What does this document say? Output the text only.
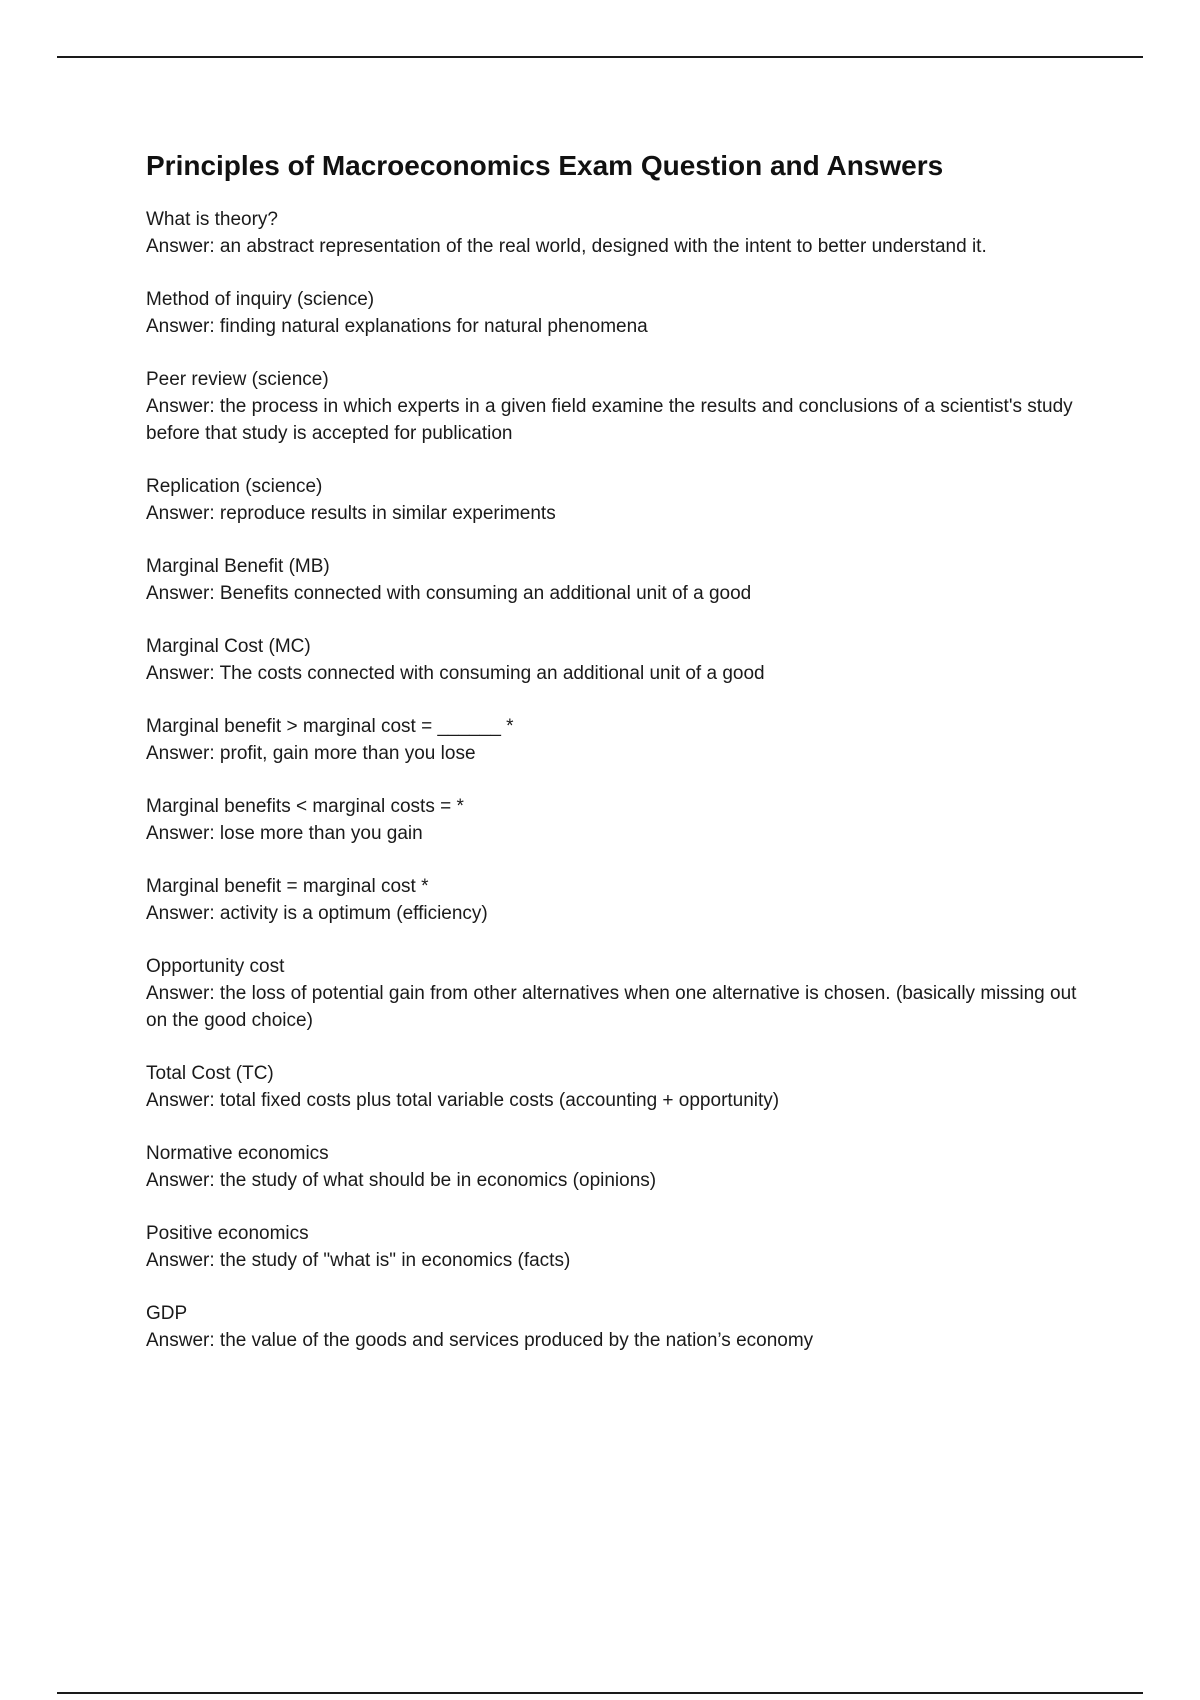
Principles of Macroeconomics Exam Question and Answers

What is theory?

Answer: an abstract representation of the real world, designed with the intent to better understand it.

Method of inquiry (science)

Answer: finding natural explanations for natural phenomena

Peer review (science)

Answer: the process in which experts in a given field examine the results and conclusions of a scientist's study before that study is accepted for publication

Replication (science)

Answer: reproduce results in similar experiments

Marginal Benefit (MB)

Answer: Benefits connected with consuming an additional unit of a good

Marginal Cost (MC)

Answer: The costs connected with consuming an additional unit of a good

Marginal benefit > marginal cost = ______ *

Answer: profit, gain more than you lose

Marginal benefits < marginal costs = *

Answer: lose more than you gain

Marginal benefit = marginal cost *

Answer: activity is a optimum (efficiency)

Opportunity cost

Answer: the loss of potential gain from other alternatives when one alternative is chosen. (basically missing out on the good choice)

Total Cost (TC)

Answer: total fixed costs plus total variable costs (accounting + opportunity)

Normative economics

Answer: the study of what should be in economics (opinions)

Positive economics

Answer: the study of "what is" in economics (facts)

GDP

Answer: the value of the goods and services produced by the nation’s economy
